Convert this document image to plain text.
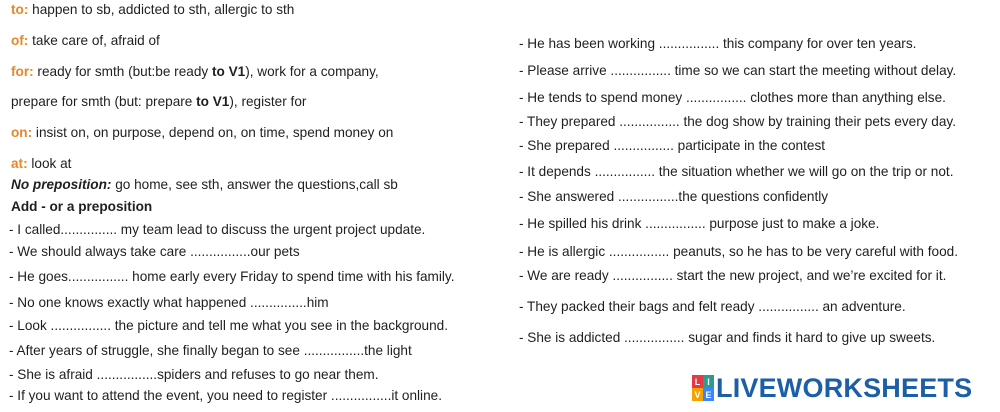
to: happen to sb, addicted to sth, allergic to sth
of: take care of, afraid of
for: ready for smth (but:be ready to V1), work for a company,
prepare for smth (but: prepare to V1), register for
on: insist on, on purpose, depend on, on time, spend money on
at: look at
No preposition: go home, see sth, answer the questions,call sb
Add - or a preposition
- I called............... my team lead to discuss the urgent project update.
- We should always take care ................our pets
- He goes................ home early every Friday to spend time with his family.
- No one knows exactly what happened ...............him
- Look ................ the picture and tell me what you see in the background.
- After years of struggle, she finally began to see ................the light
- She is afraid ................spiders and refuses to go near them.
- If you want to attend the event, you need to register ................it online.
- He has been working ................ this company for over ten years.
- Please arrive ................ time so we can start the meeting without delay.
- He tends to spend money ................ clothes more than anything else.
- They prepared ................ the dog show by training their pets every day.
- She prepared ................ participate in the contest
- It depends ................ the situation whether we will go on the trip or not.
- She answered ................the questions confidently
- He spilled his drink ................ purpose just to make a joke.
- He is allergic ................ peanuts, so he has to be very careful with food.
- We are ready ................ start the new project, and we’re excited for it.
- They packed their bags and felt ready ................ an adventure.
- She is addicted ................ sugar and finds it hard to give up sweets.
L I
V E LIVEWORKSHEETS
